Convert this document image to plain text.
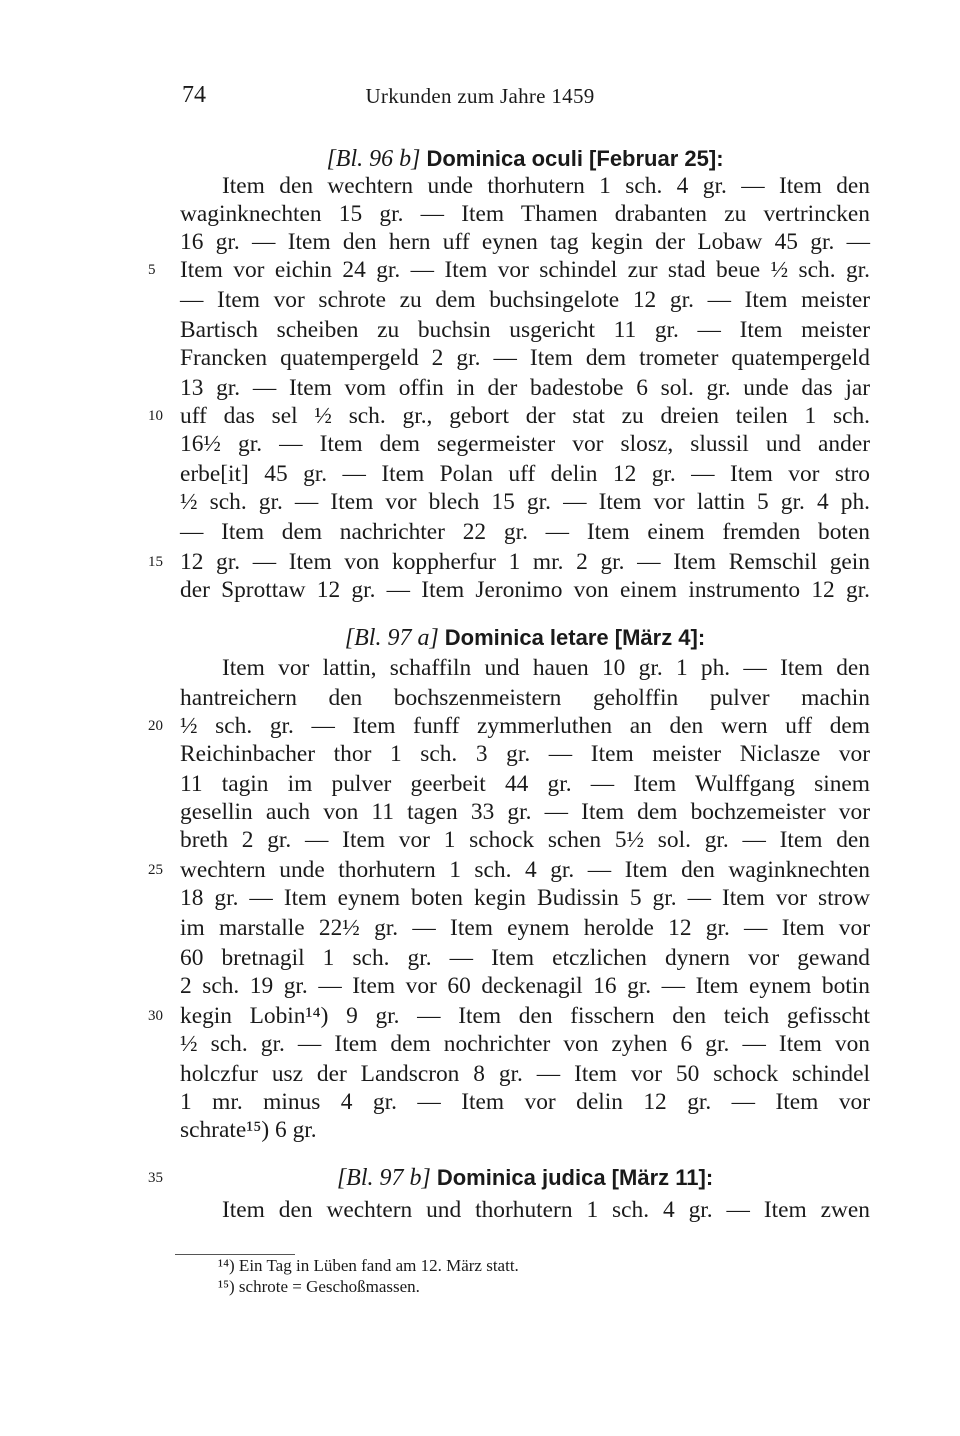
74	Urkunden zum Jahre 1459
[Bl. 96 b] Dominica oculi [Februar 25]:
Item den wechtern unde thorhutern 1 sch. 4 gr. — Item den
waginknechten 15 gr. — Item Thamen drabanten zu vertrincken
16 gr. — Item den hern uff eynen tag kegin der Lobaw 45 gr. —
Item vor eichin 24 gr. — Item vor schindel zur stad beue ½ sch. gr.
— Item vor schrote zu dem buchsingelote 12 gr. — Item meister
Bartisch scheiben zu buchsin usgericht 11 gr. — Item meister
Francken quatempergeld 2 gr. — Item dem trometer quatempergeld
13 gr. — Item vom offin in der badestobe 6 sol. gr. unde das jar
uff das sel ½ sch. gr., gebort der stat zu dreien teilen 1 sch.
16½ gr. — Item dem segermeister vor slosz, slussil und ander
erbe[it] 45 gr. — Item Polan uff delin 12 gr. — Item vor stro
½ sch. gr. — Item vor blech 15 gr. — Item vor lattin 5 gr. 4 ph.
— Item dem nachrichter 22 gr. — Item einem fremden boten
12 gr. — Item von koppherfur 1 mr. 2 gr. — Item Remschil gein
der Sprottaw 12 gr. — Item Jeronimo von einem instrumento 12 gr.
[Bl. 97 a] Dominica letare [März 4]:
Item vor lattin, schaffiln und hauen 10 gr. 1 ph. — Item den
hantreichern den bochszenmeistern geholffin pulver machin
½ sch. gr. — Item funff zymmerluthen an den wern uff dem
Reichinbacher thor 1 sch. 3 gr. — Item meister Niclasze vor
11 tagin im pulver geerbeit 44 gr. — Item Wulffgang sinem
gesellin auch von 11 tagen 33 gr. — Item dem bochzemeister vor
breth 2 gr. — Item vor 1 schock schen 5½ sol. gr. — Item den
wechtern unde thorhutern 1 sch. 4 gr. — Item den waginknechten
18 gr. — Item eynem boten kegin Budissin 5 gr. — Item vor strow
im marstalle 22½ gr. — Item eynem herolde 12 gr. — Item vor
60 bretnagil 1 sch. gr. — Item etczlichen dynern vor gewand
2 sch. 19 gr. — Item vor 60 deckenagil 16 gr. — Item eynem botin
kegin Lobin¹⁴) 9 gr. — Item den fisschern den teich gefisscht
½ sch. gr. — Item dem nochrichter von zyhen 6 gr. — Item von
holczfur usz der Landscron 8 gr. — Item vor 50 schock schindel
1 mr. minus 4 gr. — Item vor delin 12 gr. — Item vor
schrate¹⁵) 6 gr.
[Bl. 97 b] Dominica judica [März 11]:
Item den wechtern und thorhutern 1 sch. 4 gr. — Item zwen
5
10
15
20
25
30
35
¹⁴) Ein Tag in Lüben fand am 12. März statt.
¹⁵) schrote = Geschoßmassen.
